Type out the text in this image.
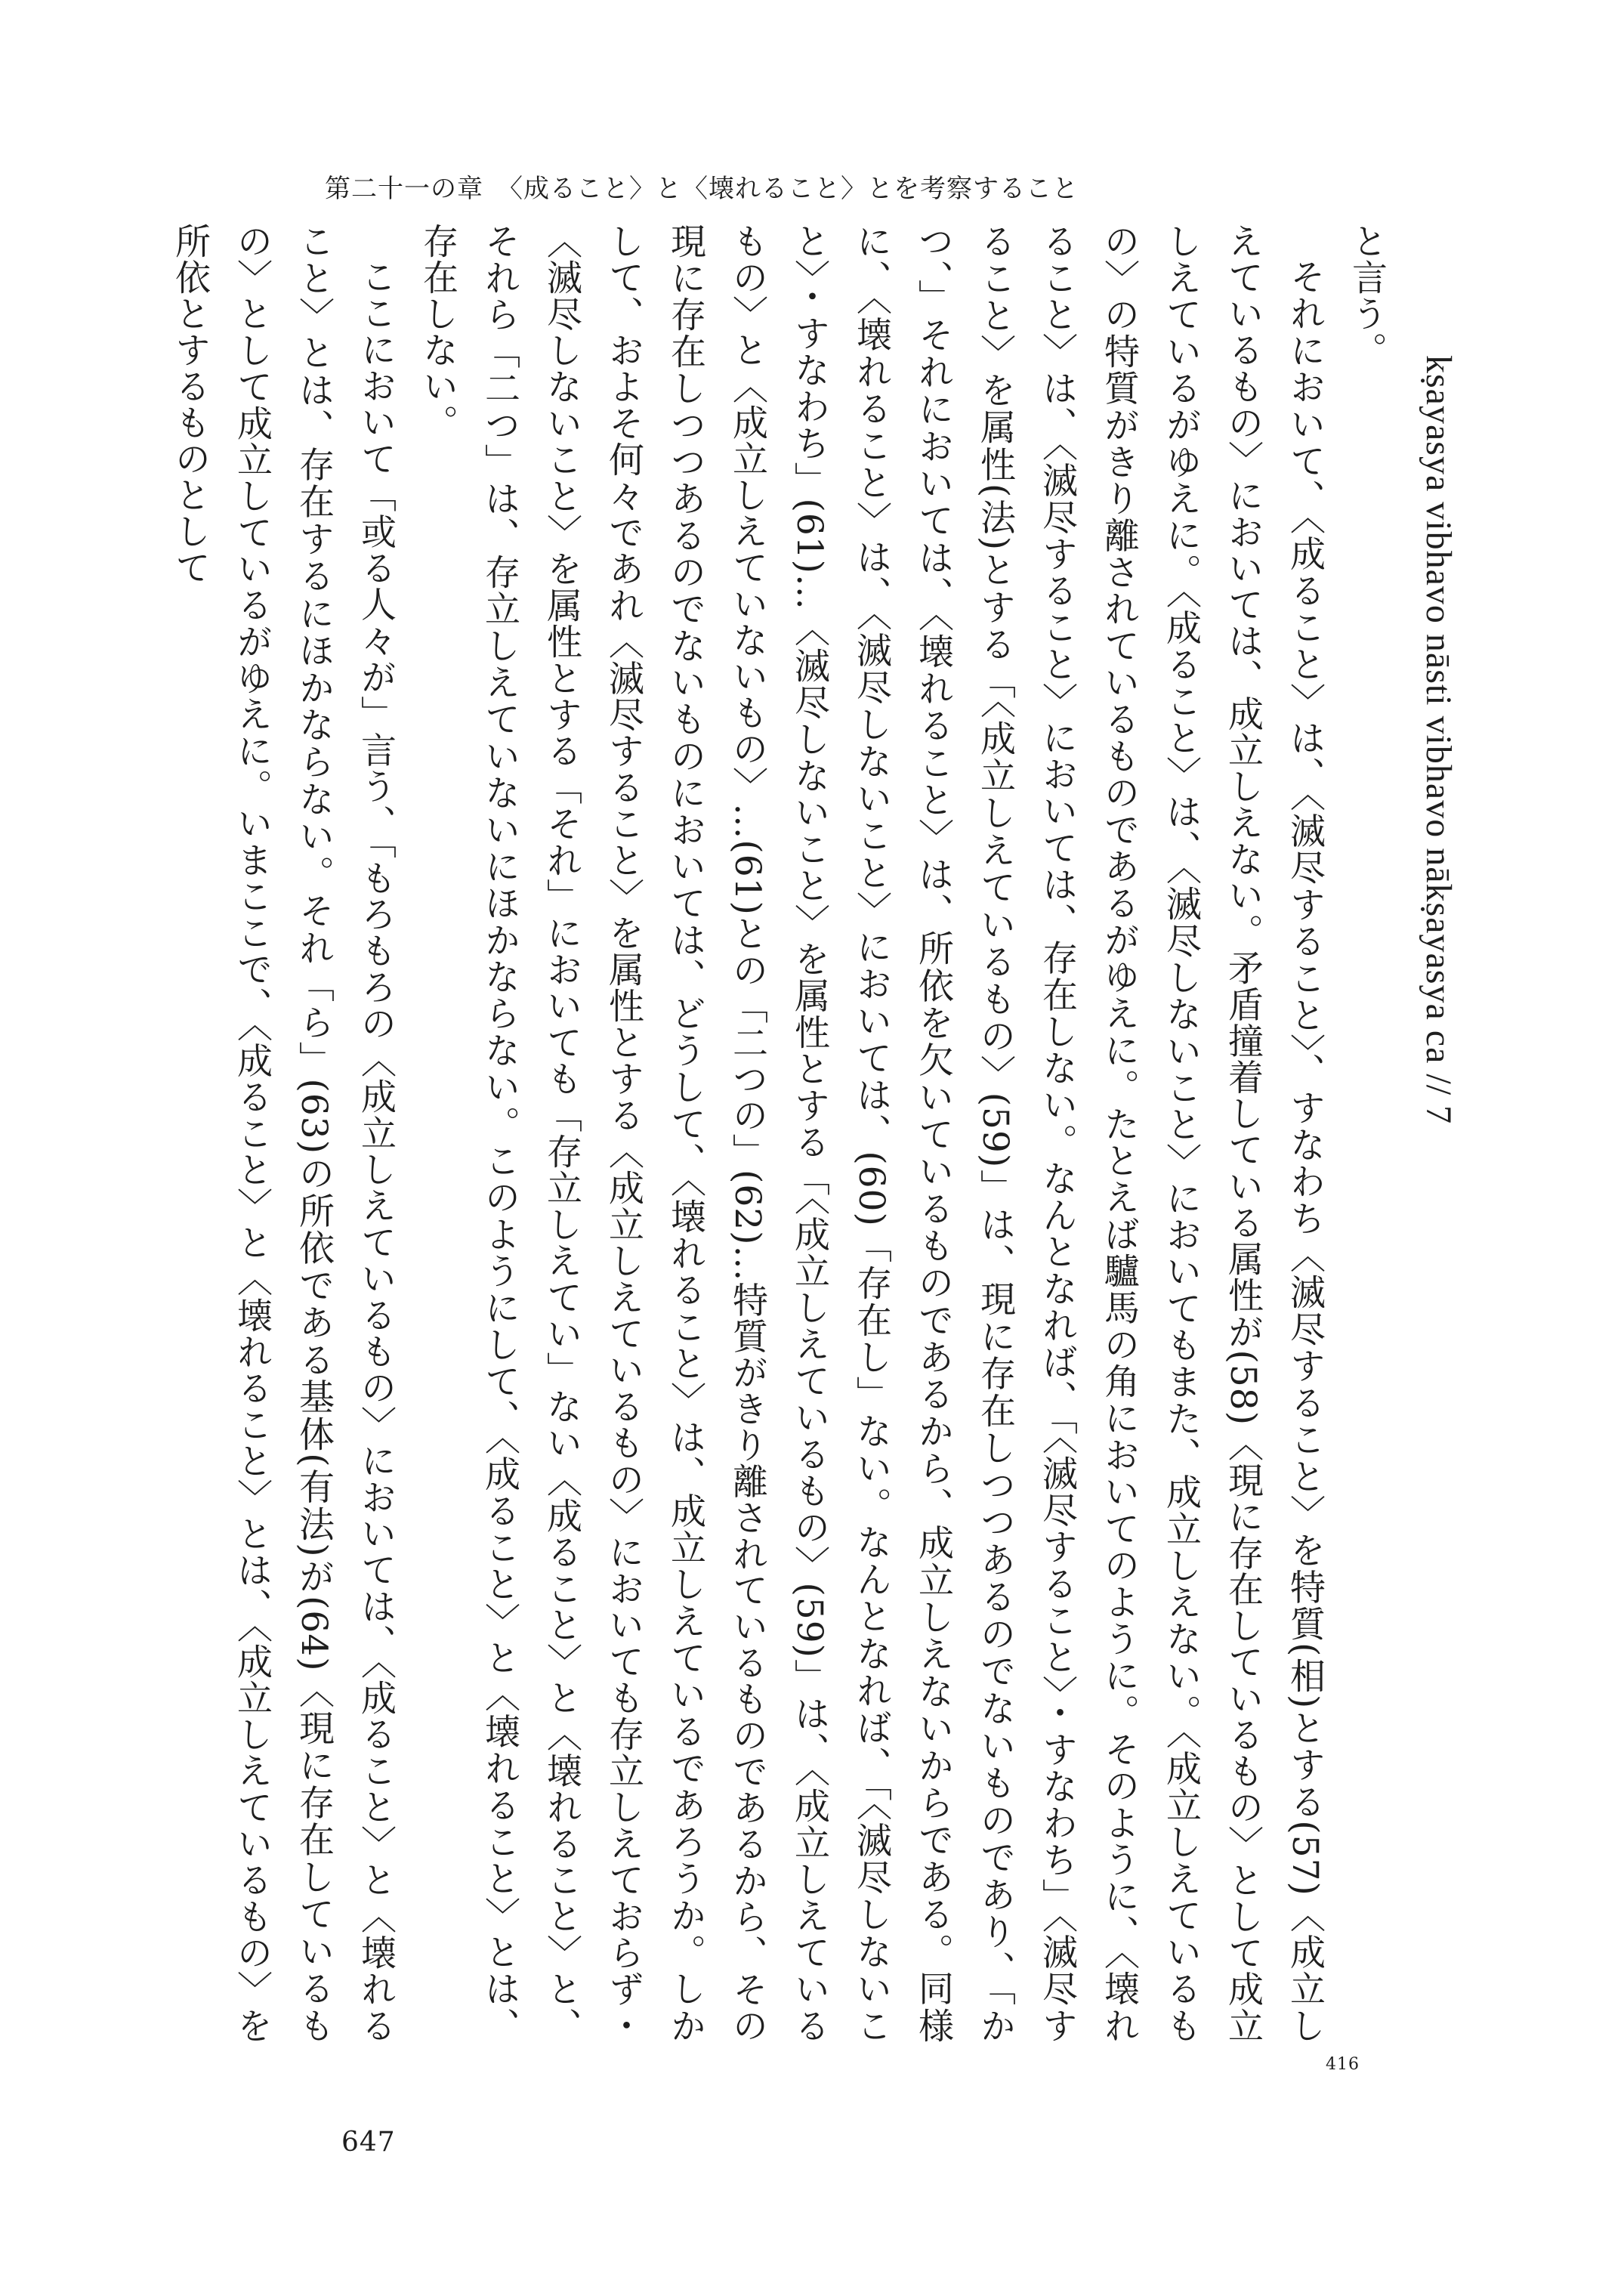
第二十一の章　〈成ること〉と〈壊れること〉とを考察すること
kṣayasya vibhavo nāsti vibhavo nākṣayasya ca // 7

と言う。

それにおいて、〈成ること〉は、〈滅尽すること〉、すなわち〈滅尽すること〉を特質(相)とする(57)〈成立しえているもの〉においては、成立しえない。矛盾撞着している属性が(58)〈現に存在しているもの〉として成立しえているがゆえに。〈成ること〉は、〈滅尽しないこと〉においてもまた、成立しえない。〈成立しえているもの〉の特質がきり離されているものであるがゆえに。たとえば驢馬の角においてのように。そのように、〈壊れること〉は、〈滅尽すること〉においては、存在しない。なんとなれば、「〈滅尽すること〉・すなわち」〈滅尽すること〉を属性(法)とする「〈成立しえているもの〉(59)」は、現に存在しつつあるのでないものであり、「かつ、」それにおいては、〈壊れること〉は、所依を欠いているものであるから、成立しえないからである。同様に、〈壊れること〉は、〈滅尽しないこと〉においては、(60)「存在し」ない。なんとなれば、「〈滅尽しないこと〉・すなわち」(61)…〈滅尽しないこと〉を属性とする「〈成立しえているもの〉(59)」は、〈成立しえているもの〉と〈成立しえていないもの〉…(61)との「二つの」(62)…特質がきり離されているものであるから、その現に存在しつつあるのでないものにおいては、どうして、〈壊れること〉は、成立しえているであろうか。しかして、およそ何々であれ〈滅尽すること〉を属性とする〈成立しえているもの〉においても存立しえておらず・〈滅尽しないこと〉を属性とする「それ」においても「存立しえてい」ない〈成ること〉と〈壊れること〉と、それら「二つ」は、存立しえていないにほかならない。このようにして、〈成ること〉と〈壊れること〉とは、存在しない。

ここにおいて「或る人々が」言う、「もろもろの〈成立しえているもの〉においては、〈成ること〉と〈壊れること〉とは、存在するにほかならない。それ「ら」(63)の所依である基体(有法)が(64)〈現に存在しているもの〉として成立しているがゆえに。いまここで、〈成ること〉と〈壊れること〉とは、〈成立しえているもの〉を所依とするものとして

416
647
